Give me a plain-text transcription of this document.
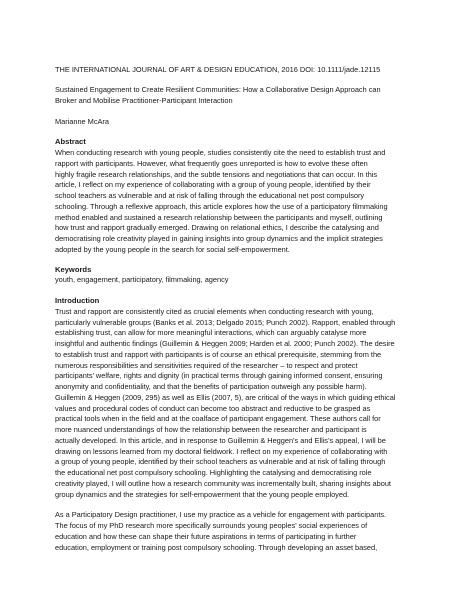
THE INTERNATIONAL JOURNAL OF ART & DESIGN EDUCATION, 2016 DOI: 10.1111/jade.12115
Sustained Engagement to Create Resilient Communities: How a Collaborative Design Approach can
Broker and Mobilise Practitioner-Participant Interaction
Marianne McAra
Abstract
When conducting research with young people, studies consistently cite the need to establish trust and
rapport with participants. However, what frequently goes unreported is how to evolve these often
highly fragile research relationships, and the subtle tensions and negotiations that can occur. In this
article, I reflect on my experience of collaborating with a group of young people, identified by their
school teachers as vulnerable and at risk of falling through the educational net post compulsory
schooling. Through a reflexive approach, this article explores how the use of a participatory filmmaking
method enabled and sustained a research relationship between the participants and myself, outlining
how trust and rapport gradually emerged. Drawing on relational ethics, I describe the catalysing and
democratising role creativity played in gaining insights into group dynamics and the implicit strategies
adopted by the young people in the search for social self-empowerment.
Keywords
youth, engagement, participatory, filmmaking, agency
Introduction
Trust and rapport are consistently cited as crucial elements when conducting research with young,
particularly vulnerable groups (Banks et al. 2013; Delgado 2015; Punch 2002). Rapport, enabled through
establishing trust, can allow for more meaningful interactions, which can arguably catalyse more
insightful and authentic findings (Guillemin & Heggen 2009; Harden et al. 2000; Punch 2002). The desire
to establish trust and rapport with participants is of course an ethical prerequisite, stemming from the
numerous responsibilities and sensitivities required of the researcher – to respect and protect
participants’ welfare, rights and dignity (in practical terms through gaining informed consent, ensuring
anonymity and confidentiality, and that the benefits of participation outweigh any possible harm).
Guillemin & Heggen (2009, 295) as well as Ellis (2007, 5), are critical of the ways in which guiding ethical
values and procedural codes of conduct can become too abstract and reductive to be grasped as
practical tools when in the field and at the coalface of participant engagement. These authors call for
more nuanced understandings of how the relationship between the researcher and participant is
actually developed. In this article, and in response to Guillemin & Heggen’s and Ellis’s appeal, I will be
drawing on lessons learned from my doctoral fieldwork. I reflect on my experience of collaborating with
a group of young people, identified by their school teachers as vulnerable and at risk of falling through
the educational net post compulsory schooling. Highlighting the catalysing and democratising role
creativity played, I will outline how a research community was incrementally built, sharing insights about
group dynamics and the strategies for self-empowerment that the young people employed.
As a Participatory Design practitioner, I use my practice as a vehicle for engagement with participants.
The focus of my PhD research more specifically surrounds young peoples’ social experiences of
education and how these can shape their future aspirations in terms of participating in further
education, employment or training post compulsory schooling. Through developing an asset based,
